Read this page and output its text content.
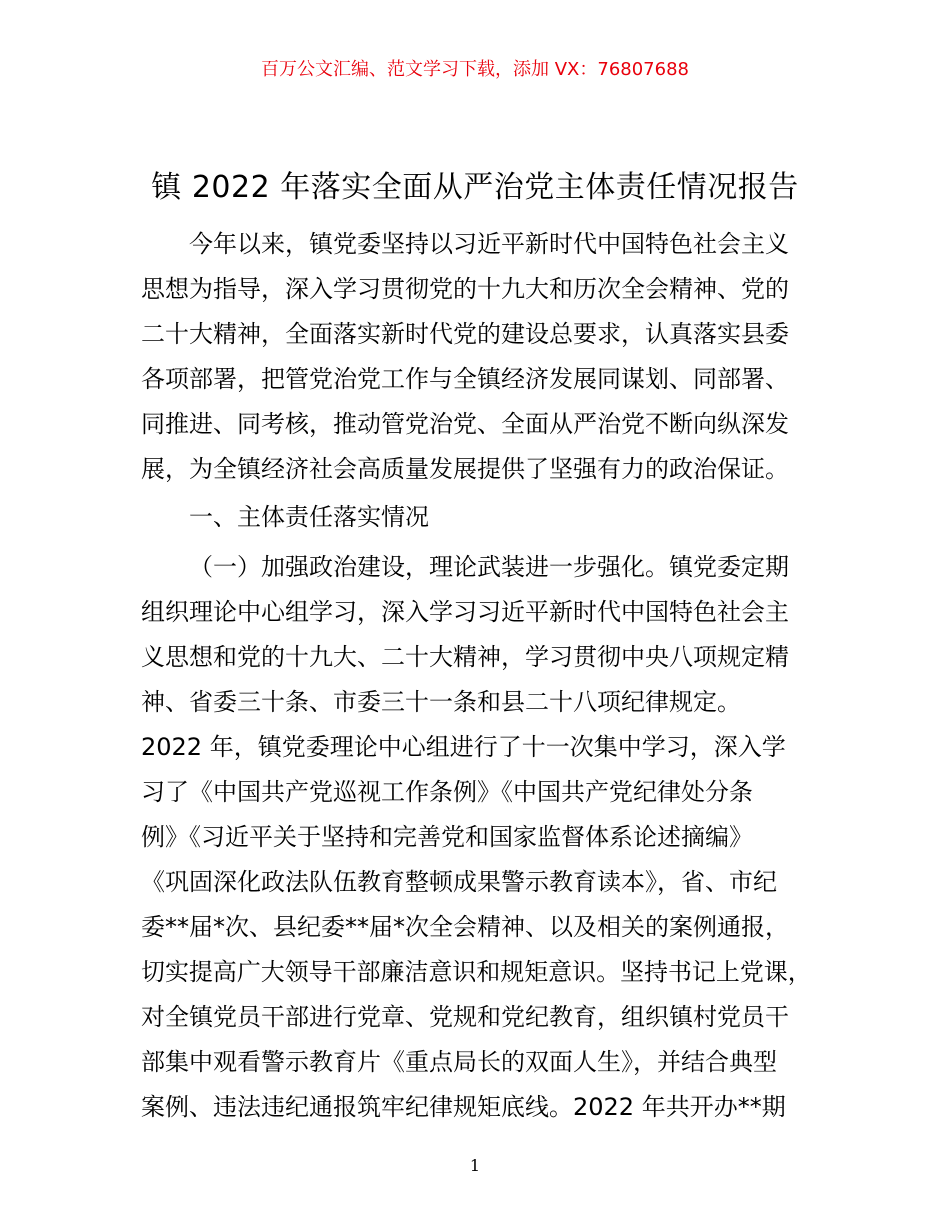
百万公文汇编、范文学习下载，添加 VX：76807688
镇 2022 年落实全面从严治党主体责任情况报告
今年以来，镇党委坚持以习近平新时代中国特色社会主义
思想为指导，深入学习贯彻党的十九大和历次全会精神、党的
二十大精神，全面落实新时代党的建设总要求，认真落实县委
各项部署，把管党治党工作与全镇经济发展同谋划、同部署、
同推进、同考核，推动管党治党、全面从严治党不断向纵深发
展，为全镇经济社会高质量发展提供了坚强有力的政治保证。
一、主体责任落实情况
（一）加强政治建设，理论武装进一步强化。镇党委定期
组织理论中心组学习，深入学习习近平新时代中国特色社会主
义思想和党的十九大、二十大精神，学习贯彻中央八项规定精
神、省委三十条、市委三十一条和县二十八项纪律规定。
2022 年，镇党委理论中心组进行了十一次集中学习，深入学
习了《中国共产党巡视工作条例》《中国共产党纪律处分条
例》《习近平关于坚持和完善党和国家监督体系论述摘编》
《巩固深化政法队伍教育整顿成果警示教育读本》，省、市纪
委**届*次、县纪委**届*次全会精神、以及相关的案例通报，
切实提高广大领导干部廉洁意识和规矩意识。坚持书记上党课，
对全镇党员干部进行党章、党规和党纪教育，组织镇村党员干
部集中观看警示教育片《重点局长的双面人生》，并结合典型
案例、违法违纪通报筑牢纪律规矩底线。2022 年共开办**期
1
